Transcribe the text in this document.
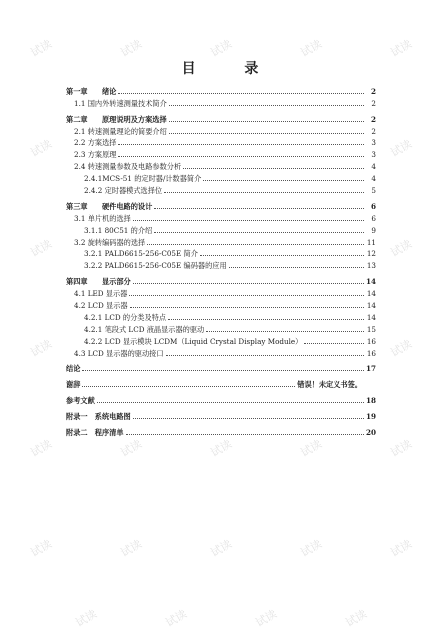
目 录
第一章　　绪论	2
1.1 国内外转速测量技术简介	2
第二章　　原理说明及方案选择	2
2.1 转速测量理论的简要介绍	2
2.2 方案选择	3
2.3 方案原理	3
2.4 转速测量参数及电路参数分析	4
2.4.1MCS-51 的定时器/计数器简介	4
2.4.2 定时器模式选择位	5
第三章　　硬件电路的设计	6
3.1 单片机的选择	6
3.1.1 80C51 的介绍	9
3.2 旋转编码器的选择	11
3.2.1 PALD6615-256-C05E 简介	12
3.2.2 PALD6615-256-C05E 编码器的应用	13
第四章　　显示部分	14
4.1 LED 显示器	14
4.2 LCD 显示器	14
4.2.1 LCD 的分类及特点	14
4.2.1 笔段式 LCD 液晶显示器的驱动	15
4.2.2 LCD 显示模块 LCDM（Liquid Crystal Display Module）	16
4.3 LCD 显示器的驱动接口	16
结论	17
谢辞	错误！未定义书签。
参考文献	18
附录一　系统电路图	19
附录二　程序清单	20
试读	试读	试读	试读	试读
试读	试读
试读	试读
试读	试读
试读	试读	试读	试读	试读
试读	试读	试读	试读	试读
试读	试读	试读	试读
